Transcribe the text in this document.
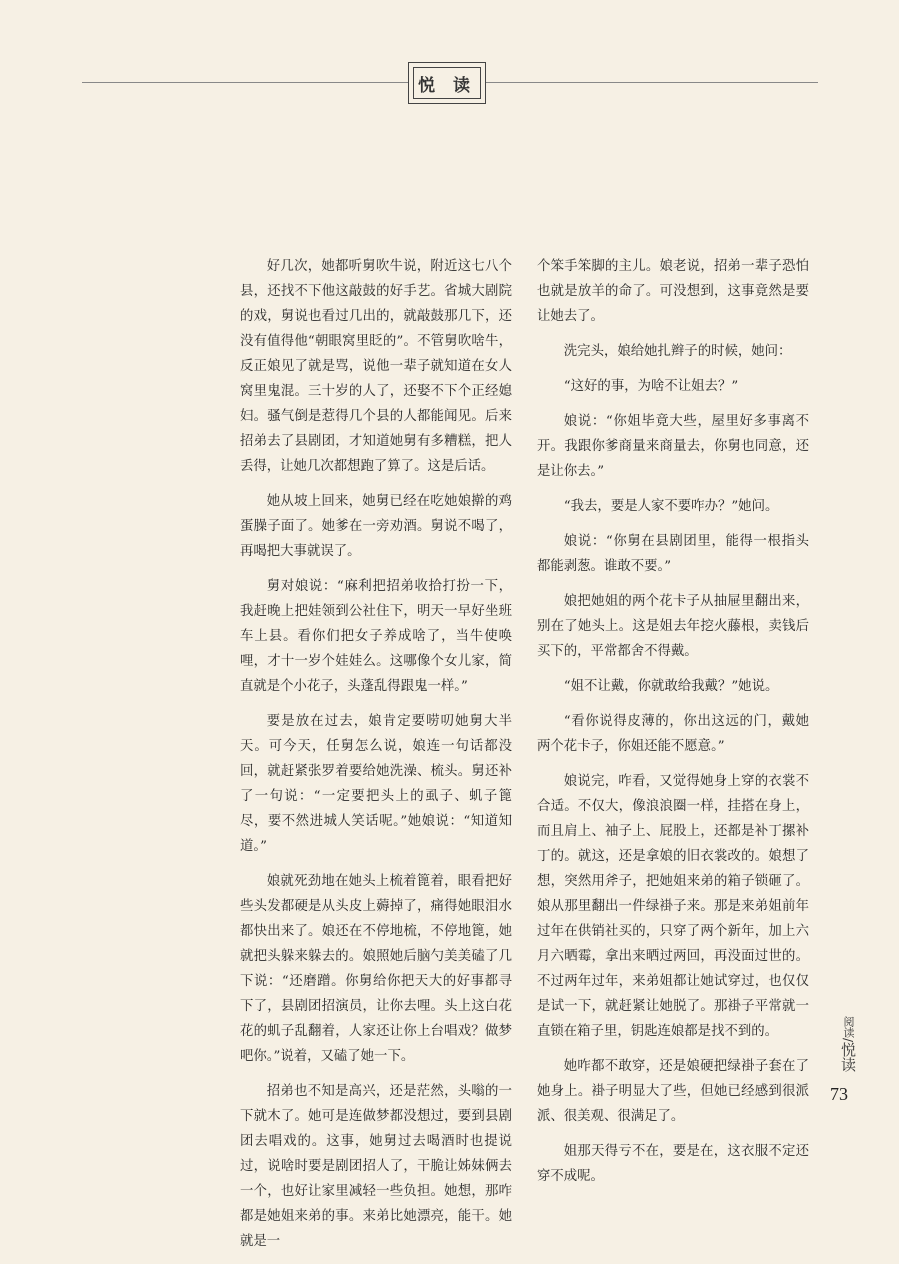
悦 读

好几次，她都听舅吹牛说，附近这七八个县，还找不下他这敲鼓的好手艺。省城大剧院的戏，舅说也看过几出的，就敲鼓那几下，还没有值得他“朝眼窝里眨的”。不管舅吹啥牛，反正娘见了就是骂，说他一辈子就知道在女人窝里鬼混。三十岁的人了，还娶不下个正经媳妇。骚气倒是惹得几个县的人都能闻见。后来招弟去了县剧团，才知道她舅有多糟糕，把人丢得，让她几次都想跑了算了。这是后话。

她从坡上回来，她舅已经在吃她娘擀的鸡蛋臊子面了。她爹在一旁劝酒。舅说不喝了，再喝把大事就误了。

舅对娘说：“麻利把招弟收拾打扮一下，我赶晚上把娃领到公社住下，明天一早好坐班车上县。看你们把女子养成啥了，当牛使唤哩，才十一岁个娃娃么。这哪像个女儿家，简直就是个小花子，头蓬乱得跟鬼一样。”

要是放在过去，娘肯定要唠叨她舅大半天。可今天，任舅怎么说，娘连一句话都没回，就赶紧张罗着要给她洗澡、梳头。舅还补了一句说：“一定要把头上的虱子、虮子篦尽，要不然进城人笑话呢。”她娘说：“知道知道。”

娘就死劲地在她头上梳着篦着，眼看把好些头发都硬是从头皮上薅掉了，痛得她眼泪水都快出来了。娘还在不停地梳，不停地篦，她就把头躲来躲去的。娘照她后脑勺美美磕了几下说：“还磨蹭。你舅给你把天大的好事都寻下了，县剧团招演员，让你去哩。头上这白花花的虮子乱翻着，人家还让你上台唱戏？做梦吧你。”说着，又磕了她一下。

招弟也不知是高兴，还是茫然，头嗡的一下就木了。她可是连做梦都没想过，要到县剧团去唱戏的。这事，她舅过去喝酒时也提说过，说啥时要是剧团招人了，干脆让姊妹俩去一个，也好让家里减轻一些负担。她想，那咋都是她姐来弟的事。来弟比她漂亮，能干。她就是一

个笨手笨脚的主儿。娘老说，招弟一辈子恐怕也就是放羊的命了。可没想到，这事竟然是要让她去了。

洗完头，娘给她扎辫子的时候，她问：

“这好的事，为啥不让姐去？”

娘说：“你姐毕竟大些，屋里好多事离不开。我跟你爹商量来商量去，你舅也同意，还是让你去。”

“我去，要是人家不要咋办？”她问。

娘说：“你舅在县剧团里，能得一根指头都能剥葱。谁敢不要。”

娘把她姐的两个花卡子从抽屉里翻出来，别在了她头上。这是姐去年挖火藤根，卖钱后买下的，平常都舍不得戴。

“姐不让戴，你就敢给我戴？”她说。

“看你说得皮薄的，你出这远的门，戴她两个花卡子，你姐还能不愿意。”

娘说完，咋看，又觉得她身上穿的衣裳不合适。不仅大，像浪浪圈一样，挂搭在身上，而且肩上、袖子上、屁股上，还都是补丁摞补丁的。就这，还是拿娘的旧衣裳改的。娘想了想，突然用斧子，把她姐来弟的箱子锁砸了。娘从那里翻出一件绿褂子来。那是来弟姐前年过年在供销社买的，只穿了两个新年，加上六月六晒霉，拿出来晒过两回，再没面过世的。不过两年过年，来弟姐都让她试穿过，也仅仅是试一下，就赶紧让她脱了。那褂子平常就一直锁在箱子里，钥匙连娘都是找不到的。

她咋都不敢穿，还是娘硬把绿褂子套在了她身上。褂子明显大了些，但她已经感到很派派、很美观、很满足了。

姐那天得亏不在，要是在，这衣服不定还穿不成呢。

阅读/悦读
73
